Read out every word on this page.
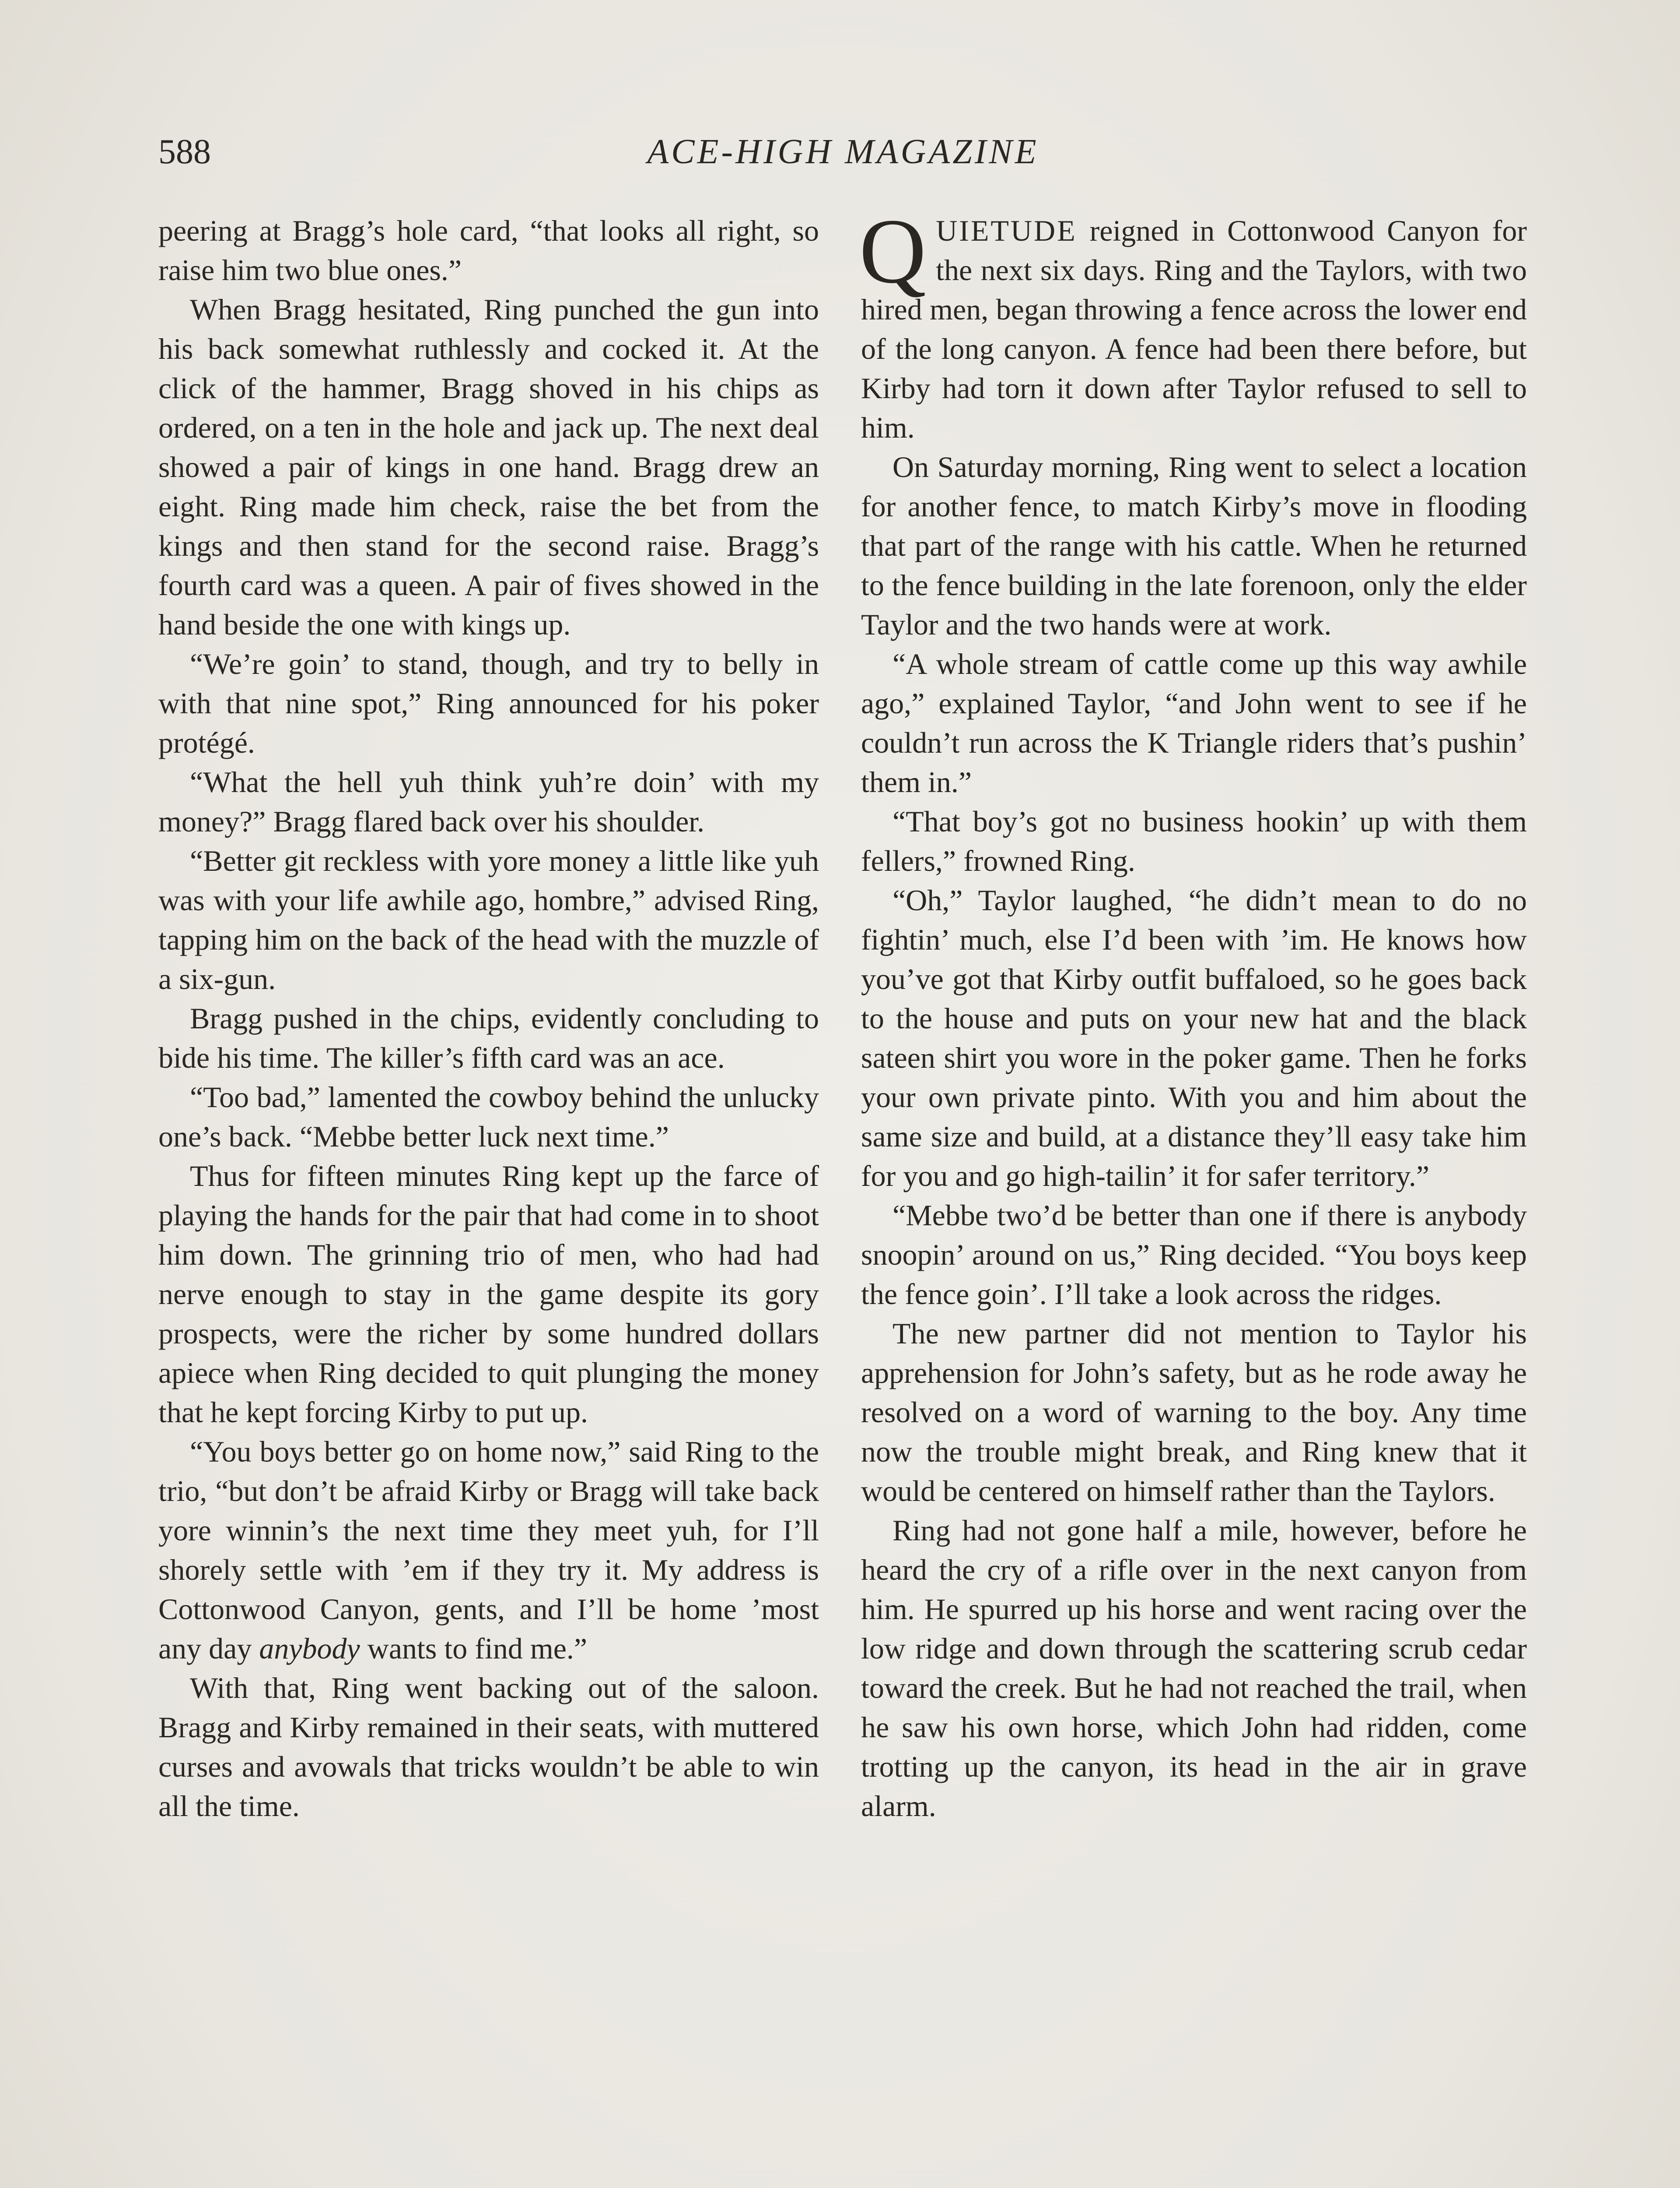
588	ACE-HIGH MAGAZINE

peering at Bragg’s hole card, “that looks all right, so raise him two blue ones.”

When Bragg hesitated, Ring punched the gun into his back somewhat ruthlessly and cocked it. At the click of the hammer, Bragg shoved in his chips as ordered, on a ten in the hole and jack up. The next deal showed a pair of kings in one hand. Bragg drew an eight. Ring made him check, raise the bet from the kings and then stand for the second raise. Bragg’s fourth card was a queen. A pair of fives showed in the hand beside the one with kings up.

“We’re goin’ to stand, though, and try to belly in with that nine spot,” Ring announced for his poker protégé.

“What the hell yuh think yuh’re doin’ with my money?” Bragg flared back over his shoulder.

“Better git reckless with yore money a little like yuh was with your life awhile ago, hombre,” advised Ring, tapping him on the back of the head with the muzzle of a six-gun.

Bragg pushed in the chips, evidently concluding to bide his time. The killer’s fifth card was an ace.

“Too bad,” lamented the cowboy behind the unlucky one’s back. “Mebbe better luck next time.”

Thus for fifteen minutes Ring kept up the farce of playing the hands for the pair that had come in to shoot him down. The grinning trio of men, who had had nerve enough to stay in the game despite its gory prospects, were the richer by some hundred dollars apiece when Ring decided to quit plunging the money that he kept forcing Kirby to put up.

“You boys better go on home now,” said Ring to the trio, “but don’t be afraid Kirby or Bragg will take back yore winnin’s the next time they meet yuh, for I’ll shorely settle with ’em if they try it. My address is Cottonwood Canyon, gents, and I’ll be home ’most any day anybody wants to find me.”

With that, Ring went backing out of the saloon. Bragg and Kirby remained in their seats, with muttered curses and avowals that tricks wouldn’t be able to win all the time.

QUIETUDE reigned in Cottonwood Canyon for the next six days. Ring and the Taylors, with two hired men, began throwing a fence across the lower end of the long canyon. A fence had been there before, but Kirby had torn it down after Taylor refused to sell to him.

On Saturday morning, Ring went to select a location for another fence, to match Kirby’s move in flooding that part of the range with his cattle. When he returned to the fence building in the late forenoon, only the elder Taylor and the two hands were at work.

“A whole stream of cattle come up this way awhile ago,” explained Taylor, “and John went to see if he couldn’t run across the K Triangle riders that’s pushin’ them in.”

“That boy’s got no business hookin’ up with them fellers,” frowned Ring.

“Oh,” Taylor laughed, “he didn’t mean to do no fightin’ much, else I’d been with ’im. He knows how you’ve got that Kirby outfit buffaloed, so he goes back to the house and puts on your new hat and the black sateen shirt you wore in the poker game. Then he forks your own private pinto. With you and him about the same size and build, at a distance they’ll easy take him for you and go high-tailin’ it for safer territory.”

“Mebbe two’d be better than one if there is anybody snoopin’ around on us,” Ring decided. “You boys keep the fence goin’. I’ll take a look across the ridges.

The new partner did not mention to Taylor his apprehension for John’s safety, but as he rode away he resolved on a word of warning to the boy. Any time now the trouble might break, and Ring knew that it would be centered on himself rather than the Taylors.

Ring had not gone half a mile, however, before he heard the cry of a rifle over in the next canyon from him. He spurred up his horse and went racing over the low ridge and down through the scattering scrub cedar toward the creek. But he had not reached the trail, when he saw his own horse, which John had ridden, come trotting up the canyon, its head in the air in grave alarm.
